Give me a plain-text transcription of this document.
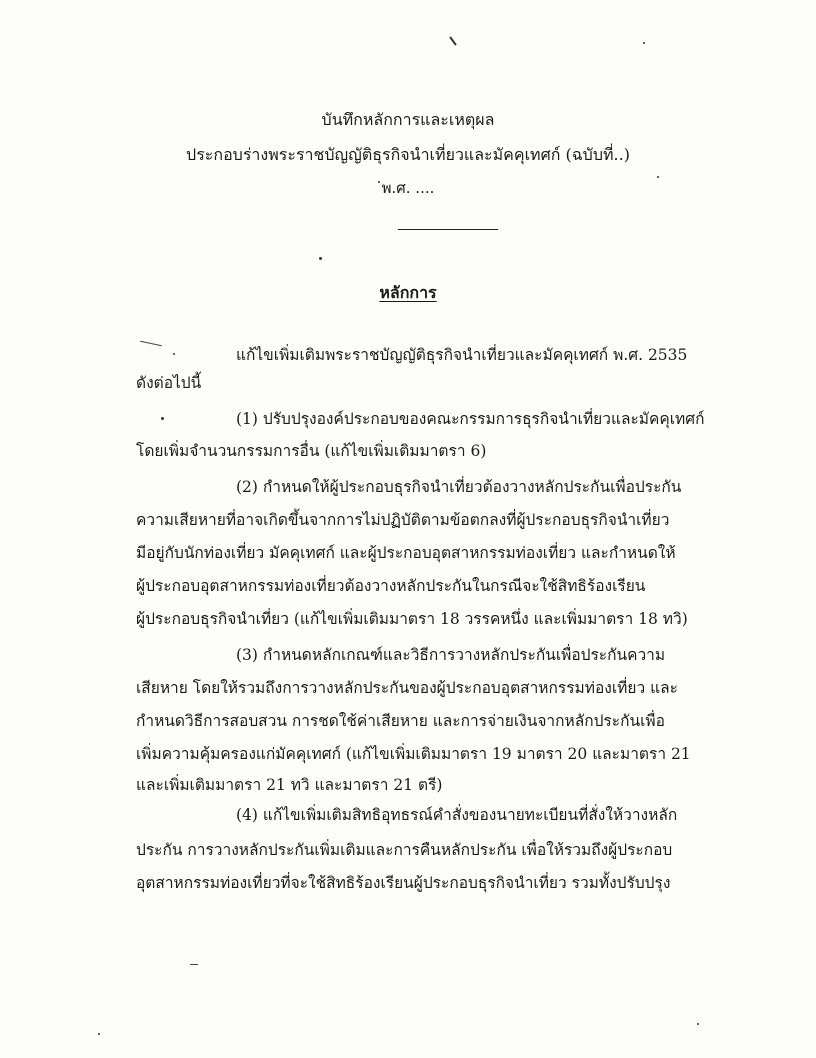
บันทึกหลักการและเหตุผล
ประกอบร่างพระราชบัญญัติธุรกิจนำเที่ยวและมัคคุเทศก์ (ฉบับที่..)
พ.ศ. ....
หลักการ
แก้ไขเพิ่มเติมพระราชบัญญัติธุรกิจนำเที่ยวและมัคคุเทศก์ พ.ศ. 2535
ดังต่อไปนี้
(1) ปรับปรุงองค์ประกอบของคณะกรรมการธุรกิจนำเที่ยวและมัคคุเทศก์
โดยเพิ่มจำนวนกรรมการอื่น (แก้ไขเพิ่มเติมมาตรา 6)
(2) กำหนดให้ผู้ประกอบธุรกิจนำเที่ยวต้องวางหลักประกันเพื่อประกัน
ความเสียหายที่อาจเกิดขึ้นจากการไม่ปฏิบัติตามข้อตกลงที่ผู้ประกอบธุรกิจนำเที่ยว
มีอยู่กับนักท่องเที่ยว มัคคุเทศก์ และผู้ประกอบอุตสาหกรรมท่องเที่ยว และกำหนดให้
ผู้ประกอบอุตสาหกรรมท่องเที่ยวต้องวางหลักประกันในกรณีจะใช้สิทธิร้องเรียน
ผู้ประกอบธุรกิจนำเที่ยว (แก้ไขเพิ่มเติมมาตรา 18 วรรคหนึ่ง และเพิ่มมาตรา 18 ทวิ)
(3) กำหนดหลักเกณฑ์และวิธีการวางหลักประกันเพื่อประกันความ
เสียหาย โดยให้รวมถึงการวางหลักประกันของผู้ประกอบอุตสาหกรรมท่องเที่ยว และ
กำหนดวิธีการสอบสวน การชดใช้ค่าเสียหาย และการจ่ายเงินจากหลักประกันเพื่อ
เพิ่มความคุ้มครองแก่มัคคุเทศก์ (แก้ไขเพิ่มเติมมาตรา 19 มาตรา 20 และมาตรา 21
และเพิ่มเติมมาตรา 21 ทวิ และมาตรา 21 ตรี)
(4) แก้ไขเพิ่มเติมสิทธิอุทธรณ์คำสั่งของนายทะเบียนที่สั่งให้วางหลัก
ประกัน การวางหลักประกันเพิ่มเติมและการคืนหลักประกัน เพื่อให้รวมถึงผู้ประกอบ
อุตสาหกรรมท่องเที่ยวที่จะใช้สิทธิร้องเรียนผู้ประกอบธุรกิจนำเที่ยว รวมทั้งปรับปรุง
